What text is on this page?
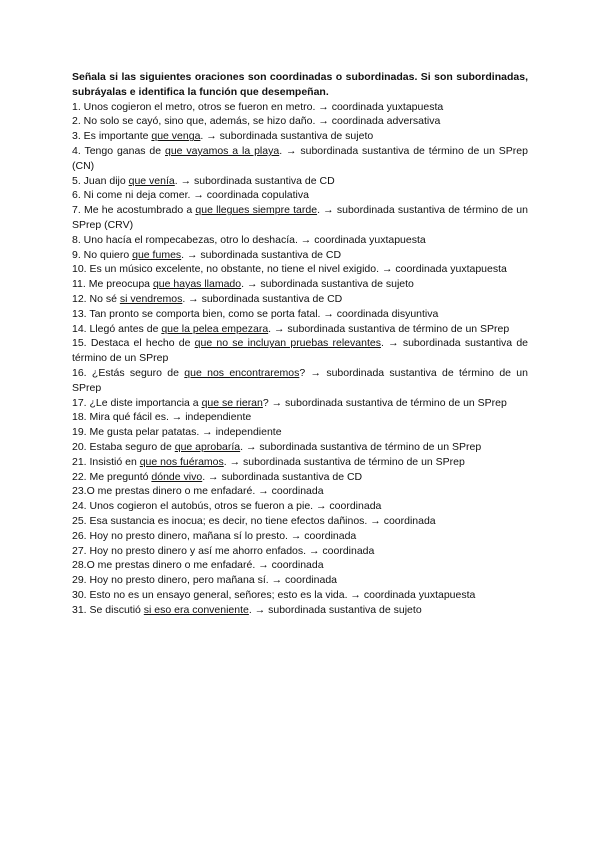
Señala si las siguientes oraciones son coordinadas o subordinadas. Si son subordinadas, subráyalas e identifica la función que desempeñan.
1. Unos cogieron el metro, otros se fueron en metro. → coordinada yuxtapuesta
2. No solo se cayó, sino que, además, se hizo daño. → coordinada adversativa
3. Es importante que venga. → subordinada sustantiva de sujeto
4. Tengo ganas de que vayamos a la playa. → subordinada sustantiva de término de un SPrep (CN)
5. Juan dijo que venía. → subordinada sustantiva de CD
6. Ni come ni deja comer. → coordinada copulativa
7. Me he acostumbrado a que llegues siempre tarde. → subordinada sustantiva de término de un SPrep (CRV)
8. Uno hacía el rompecabezas, otro lo deshacía. → coordinada yuxtapuesta
9. No quiero que fumes. → subordinada sustantiva de CD
10. Es un músico excelente, no obstante, no tiene el nivel exigido. → coordinada yuxtapuesta
11. Me preocupa que hayas llamado. → subordinada sustantiva de sujeto
12. No sé si vendremos. → subordinada sustantiva de CD
13. Tan pronto se comporta bien, como se porta fatal. → coordinada disyuntiva
14. Llegó antes de que la pelea empezara. → subordinada sustantiva de término de un SPrep
15. Destaca el hecho de que no se incluyan pruebas relevantes. → subordinada sustantiva de término de un SPrep
16. ¿Estás seguro de que nos encontraremos? → subordinada sustantiva de término de un SPrep
17. ¿Le diste importancia a que se rieran? → subordinada sustantiva de término de un SPrep
18. Mira qué fácil es. → independiente
19. Me gusta pelar patatas. → independiente
20. Estaba seguro de que aprobaría. → subordinada sustantiva de término de un SPrep
21. Insistió en que nos fuéramos. → subordinada sustantiva de término de un SPrep
22. Me preguntó dónde vivo. → subordinada sustantiva de CD
23.O me prestas dinero o me enfadaré. → coordinada
24. Unos cogieron el autobús, otros se fueron a pie. → coordinada
25. Esa sustancia es inocua; es decir, no tiene efectos dañinos. → coordinada
26. Hoy no presto dinero, mañana sí lo presto. → coordinada
27. Hoy no presto dinero y así me ahorro enfados. → coordinada
28.O me prestas dinero o me enfadaré. → coordinada
29. Hoy no presto dinero, pero mañana sí. → coordinada
30. Esto no es un ensayo general, señores; esto es la vida. → coordinada yuxtapuesta
31. Se discutió si eso era conveniente. → subordinada sustantiva de sujeto
